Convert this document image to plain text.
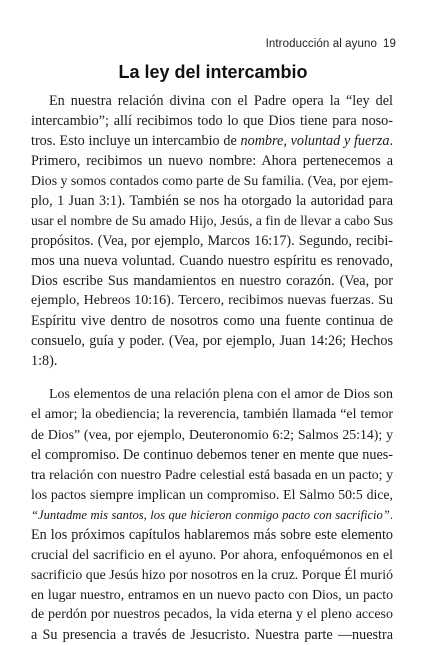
Introducción al ayuno 19
La ley del intercambio
En nuestra relación divina con el Padre opera la “ley del
intercambio”; allí recibimos todo lo que Dios tiene para noso-
tros. Esto incluye un intercambio de nombre, voluntad y fuerza.
Primero, recibimos un nuevo nombre: Ahora pertenecemos a
Dios y somos contados como parte de Su familia. (Vea, por ejem-
plo, 1 Juan 3:1). También se nos ha otorgado la autoridad para
usar el nombre de Su amado Hijo, Jesús, a fin de llevar a cabo Sus
propósitos. (Vea, por ejemplo, Marcos 16:17). Segundo, recibi-
mos una nueva voluntad. Cuando nuestro espíritu es renovado,
Dios escribe Sus mandamientos en nuestro corazón. (Vea, por
ejemplo, Hebreos 10:16). Tercero, recibimos nuevas fuerzas. Su
Espíritu vive dentro de nosotros como una fuente continua de
consuelo, guía y poder. (Vea, por ejemplo, Juan 14:26; Hechos
1:8).
Los elementos de una relación plena con el amor de Dios son
el amor; la obediencia; la reverencia, también llamada “el temor
de Dios” (vea, por ejemplo, Deuteronomio 6:2; Salmos 25:14); y
el compromiso. De continuo debemos tener en mente que nues-
tra relación con nuestro Padre celestial está basada en un pacto; y
los pactos siempre implican un compromiso. El Salmo 50:5 dice,
“Juntadme mis santos, los que hicieron conmigo pacto con sacrificio”.
En los próximos capítulos hablaremos más sobre este elemento
crucial del sacrificio en el ayuno. Por ahora, enfoquémonos en el
sacrificio que Jesús hizo por nosotros en la cruz. Porque Él murió
en lugar nuestro, entramos en un nuevo pacto con Dios, un pacto
de perdón por nuestros pecados, la vida eterna y el pleno acceso
a Su presencia a través de Jesucristo. Nuestra parte —nuestra
